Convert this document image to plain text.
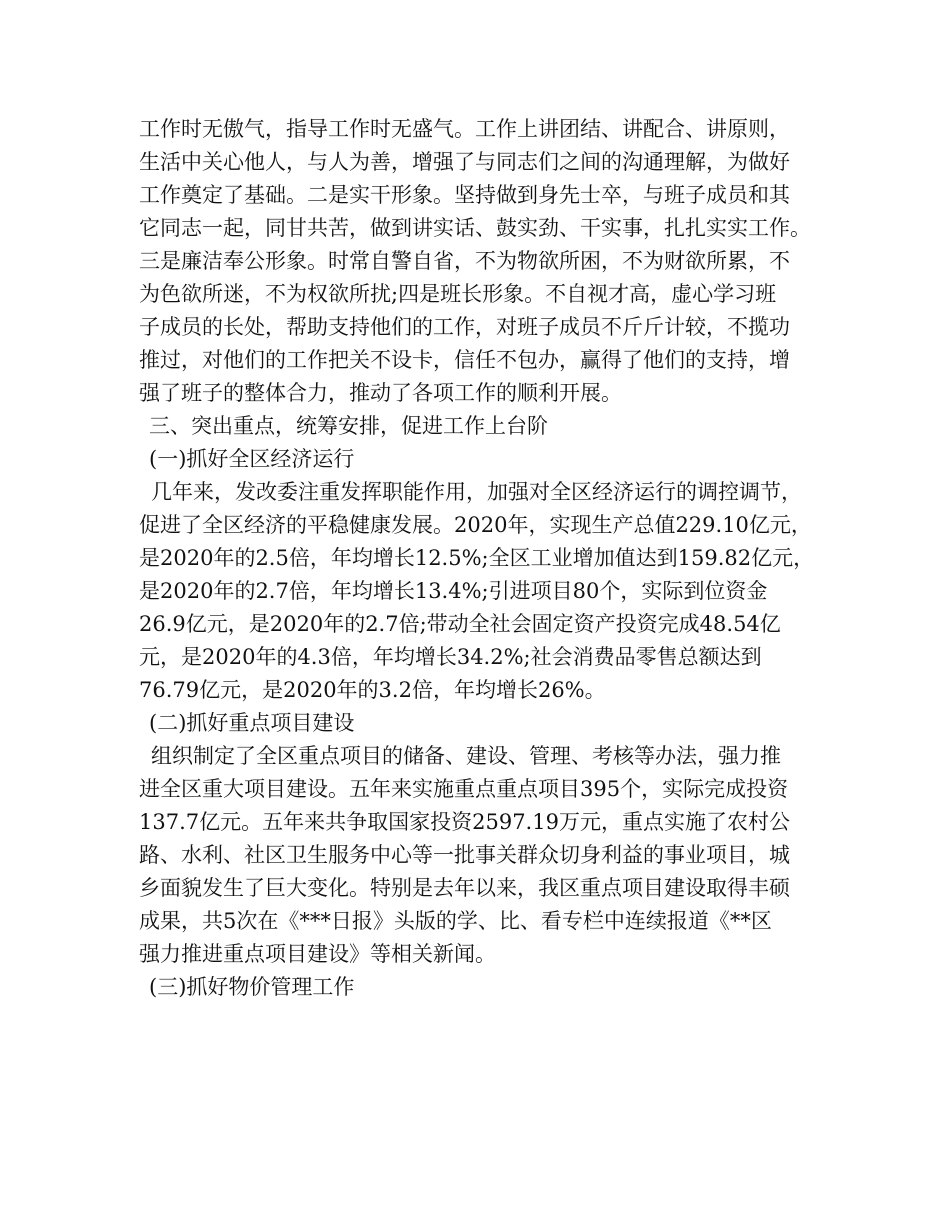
工作时无傲气，指导工作时无盛气。工作上讲团结、讲配合、讲原则，
生活中关心他人，与人为善，增强了与同志们之间的沟通理解，为做好
工作奠定了基础。二是实干形象。坚持做到身先士卒，与班子成员和其
它同志一起，同甘共苦，做到讲实话、鼓实劲、干实事，扎扎实实工作。
三是廉洁奉公形象。时常自警自省，不为物欲所困，不为财欲所累，不
为色欲所迷，不为权欲所扰;四是班长形象。不自视才高，虚心学习班
子成员的长处，帮助支持他们的工作，对班子成员不斤斤计较，不揽功
推过，对他们的工作把关不设卡，信任不包办，赢得了他们的支持，增
强了班子的整体合力，推动了各项工作的顺利开展。
三、突出重点，统筹安排，促进工作上台阶
(一)抓好全区经济运行
几年来，发改委注重发挥职能作用，加强对全区经济运行的调控调节，
促进了全区经济的平稳健康发展。2020年，实现生产总值229.10亿元，
是2020年的2.5倍，年均增长12.5%;全区工业增加值达到159.82亿元，
是2020年的2.7倍，年均增长13.4%;引进项目80个，实际到位资金
26.9亿元，是2020年的2.7倍;带动全社会固定资产投资完成48.54亿
元，是2020年的4.3倍，年均增长34.2%;社会消费品零售总额达到
76.79亿元，是2020年的3.2倍，年均增长26%。
(二)抓好重点项目建设
组织制定了全区重点项目的储备、建设、管理、考核等办法，强力推
进全区重大项目建设。五年来实施重点重点项目395个，实际完成投资
137.7亿元。五年来共争取国家投资2597.19万元，重点实施了农村公
路、水利、社区卫生服务中心等一批事关群众切身利益的事业项目，城
乡面貌发生了巨大变化。特别是去年以来，我区重点项目建设取得丰硕
成果，共5次在《***日报》头版的学、比、看专栏中连续报道《**区
强力推进重点项目建设》等相关新闻。
(三)抓好物价管理工作
